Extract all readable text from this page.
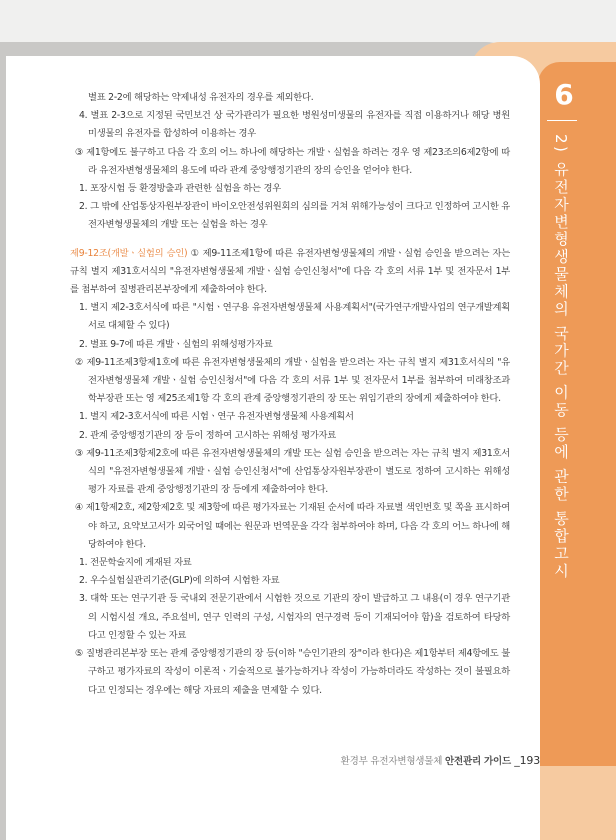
6
2) 유전자변형생물체의 국가간 이동 등에 관한 통합고시

별표 2-2에 해당하는 약제내성 유전자의 경우를 제외한다.

4. 별표 2-3으로 지정된 국민보건 상 국가관리가 필요한 병원성미생물의 유전자를 직접 이용하거나 해당 병원미생물의 유전자를 합성하여 이용하는 경우

③ 제1항에도 불구하고 다음 각 호의 어느 하나에 해당하는 개발ㆍ실험을 하려는 경우 영 제23조의6제2항에 따라 유전자변형생물체의 용도에 따라 관계 중앙행정기관의 장의 승인을 얻어야 한다.

1. 포장시험 등 환경방출과 관련한 실험을 하는 경우

2. 그 밖에 산업통상자원부장관이 바이오안전성위원회의 심의를 거쳐 위해가능성이 크다고 인정하여 고시한 유전자변형생물체의 개발 또는 실험을 하는 경우

제9-12조(개발ㆍ실험의 승인) ① 제9-11조제1항에 따른 유전자변형생물체의 개발ㆍ실험 승인을 받으려는 자는 규칙 별지 제31호서식의 "유전자변형생물체 개발ㆍ실험 승인신청서"에 다음 각 호의 서류 1부 및 전자문서 1부를 첨부하여 질병관리본부장에게 제출하여야 한다.

1. 별지 제2-3호서식에 따른 "시험ㆍ연구용 유전자변형생물체 사용계획서"(국가연구개발사업의 연구개발계획서로 대체할 수 있다)

2. 별표 9-7에 따른 개발ㆍ실험의 위해성평가자료

② 제9-11조제3항제1호에 따른 유전자변형생물체의 개발ㆍ실험을 받으려는 자는 규칙 별지 제31호서식의 "유전자변형생물체 개발ㆍ실험 승인신청서"에 다음 각 호의 서류 1부 및 전자문서 1부를 첨부하여 미래창조과학부장관 또는 영 제25조제1항 각 호의 관계 중앙행정기관의 장 또는 위임기관의 장에게 제출하여야 한다.

1. 별지 제2-3호서식에 따른 시험ㆍ연구 유전자변형생물체 사용계획서

2. 관계 중앙행정기관의 장 등이 정하여 고시하는 위해성 평가자료

③ 제9-11조제3항제2호에 따른 유전자변형생물체의 개발 또는 실험 승인을 받으려는 자는 규칙 별지 제31호서식의 "유전자변형생물체 개발ㆍ실험 승인신청서"에 산업통상자원부장관이 별도로 정하여 고시하는 위해성평가 자료를 관계 중앙행정기관의 장 등에게 제출하여야 한다.

④ 제1항제2호, 제2항제2호 및 제3항에 따른 평가자료는 기재된 순서에 따라 자료별 색인번호 및 쪽을 표시하여야 하고, 요약보고서가 외국어일 때에는 원문과 번역문을 각각 첨부하여야 하며, 다음 각 호의 어느 하나에 해당하여야 한다.

1. 전문학술지에 게재된 자료

2. 우수실험실관리기준(GLP)에 의하여 시험한 자료

3. 대학 또는 연구기관 등 국내외 전문기관에서 시험한 것으로 기관의 장이 발급하고 그 내용(이 경우 연구기관의 시험시설 개요, 주요설비, 연구 인력의 구성, 시험자의 연구경력 등이 기재되어야 함)을 검토하여 타당하다고 인정할 수 있는 자료

⑤ 질병관리본부장 또는 관계 중앙행정기관의 장 등(이하 "승인기관의 장"이라 한다)은 제1항부터 제4항에도 불구하고 평가자료의 작성이 이론적ㆍ기술적으로 불가능하거나 작성이 가능하더라도 작성하는 것이 불필요하다고 인정되는 경우에는 해당 자료의 제출을 면제할 수 있다.

환경부 유전자변형생물체 안전관리 가이드 _193
